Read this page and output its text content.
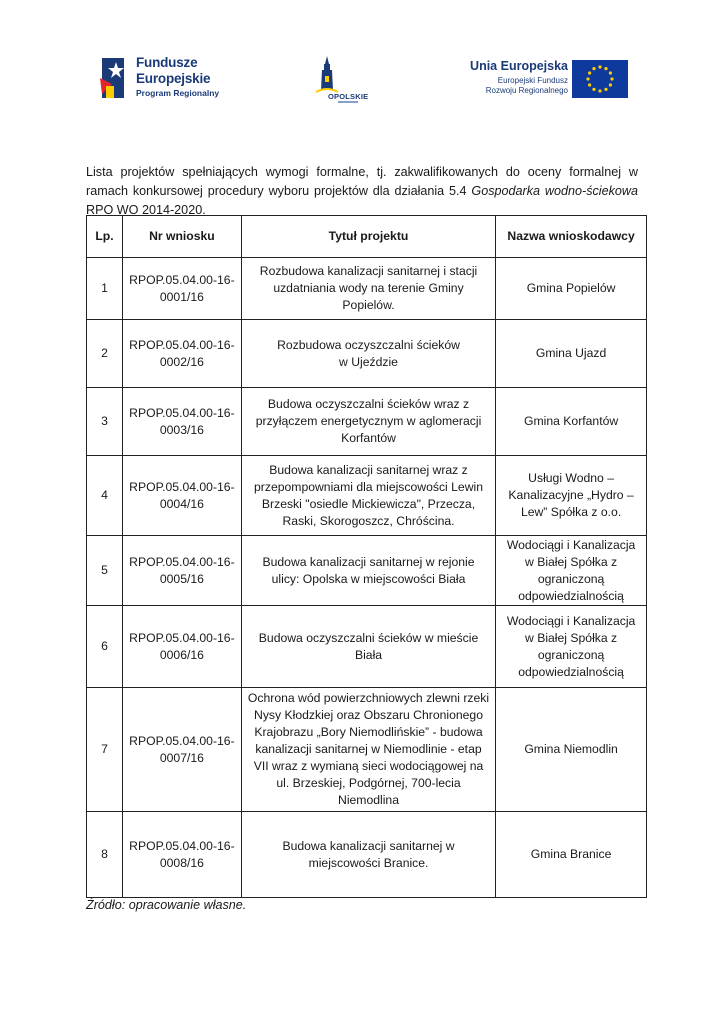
Fundusze
Europejskie
Program Regionalny	OPOLSKIE
Unia Europejska
Europejski Fundusz
Rozwoju Regionalnego

Lista projektów spełniających wymogi formalne, tj. zakwalifikowanych do oceny formalnej w ramach konkursowej procedury wyboru projektów dla działania 5.4 Gospodarka wodno-ściekowa RPO WO 2014-2020.

Lp.	Nr wniosku	Tytuł projektu	Nazwa wnioskodawcy
1	RPOP.05.04.00-16-0001/16	Rozbudowa kanalizacji sanitarnej i stacji uzdatniania wody na terenie Gminy Popielów.	Gmina Popielów
2	RPOP.05.04.00-16-0002/16	Rozbudowa oczyszczalni ścieków w Ujeździe	Gmina Ujazd
3	RPOP.05.04.00-16-0003/16	Budowa oczyszczalni ścieków wraz z przyłączem energetycznym w aglomeracji Korfantów	Gmina Korfantów
4	RPOP.05.04.00-16-0004/16	Budowa kanalizacji sanitarnej wraz z przepompowniami dla miejscowości Lewin Brzeski "osiedle Mickiewicza", Przecza, Raski, Skorogoszcz, Chróścina.	Usługi Wodno – Kanalizacyjne „Hydro – Lew” Spółka z o.o.
5	RPOP.05.04.00-16-0005/16	Budowa kanalizacji sanitarnej w rejonie ulicy: Opolska w miejscowości Biała	Wodociągi i Kanalizacja w Białej Spółka z ograniczoną odpowiedzialnością
6	RPOP.05.04.00-16-0006/16	Budowa oczyszczalni ścieków w mieście Biała	Wodociągi i Kanalizacja w Białej Spółka z ograniczoną odpowiedzialnością
7	RPOP.05.04.00-16-0007/16	Ochrona wód powierzchniowych zlewni rzeki Nysy Kłodzkiej oraz Obszaru Chronionego Krajobrazu „Bory Niemodlińskie” - budowa kanalizacji sanitarnej w Niemodlinie - etap VII wraz z wymianą sieci wodociągowej na ul. Brzeskiej, Podgórnej, 700-lecia Niemodlina	Gmina Niemodlin
8	RPOP.05.04.00-16-0008/16	Budowa kanalizacji sanitarnej w miejscowości Branice.	Gmina Branice
Źródło: opracowanie własne.
